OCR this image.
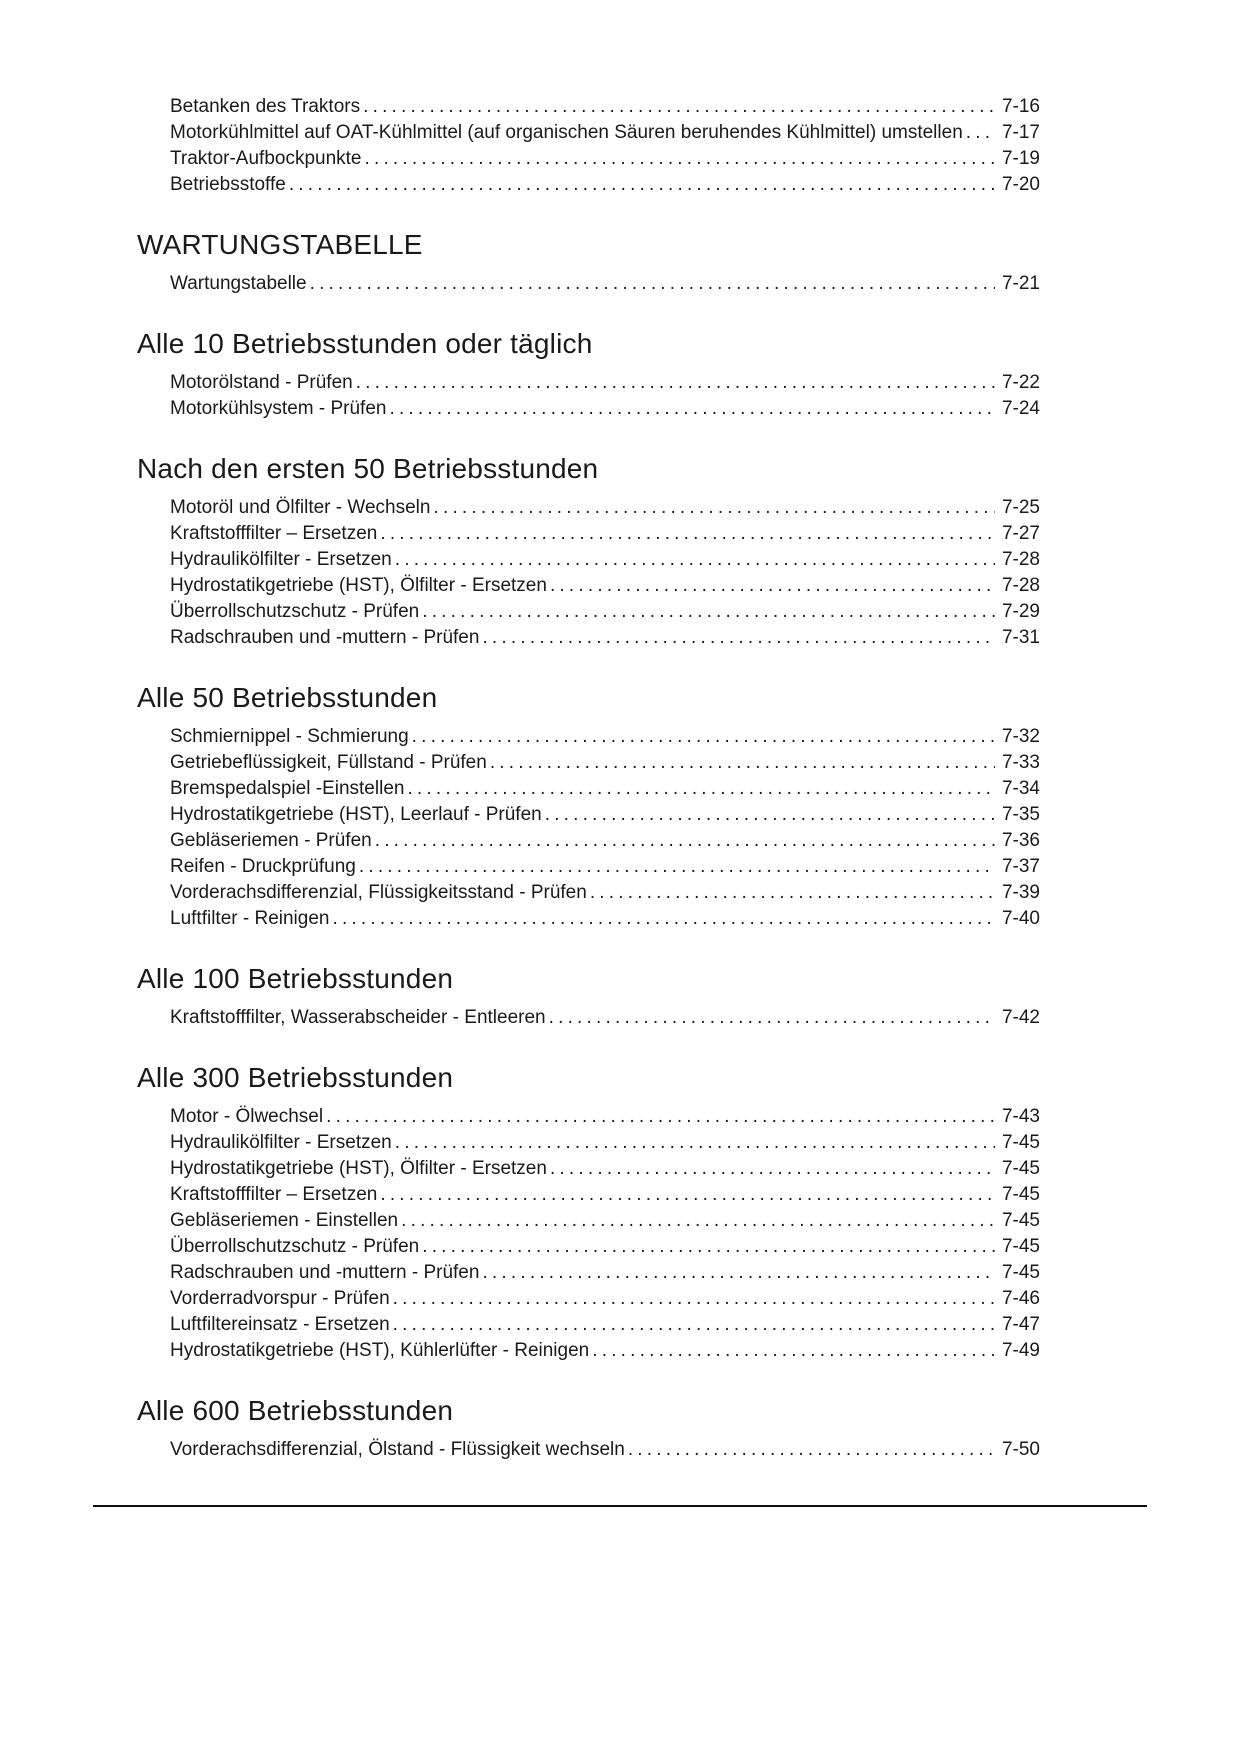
Betanken des Traktors .....	7-16
Motorkühlmittel auf OAT-Kühlmittel (auf organischen Säuren beruhendes Kühlmittel) umstellen ..... 7-17
Traktor-Aufbockpunkte .....	7-19
Betriebsstoffe .....	7-20
WARTUNGSTABELLE
Wartungstabelle .....	7-21
Alle 10 Betriebsstunden oder täglich
Motorölstand - Prüfen .....	7-22
Motorkühlsystem - Prüfen .....	7-24
Nach den ersten 50 Betriebsstunden
Motoröl und Ölfilter - Wechseln .....	7-25
Kraftstofffilter – Ersetzen .....	7-27
Hydraulikölfilter - Ersetzen .....	7-28
Hydrostatikgetriebe (HST), Ölfilter - Ersetzen .....	7-28
Überrollschutzschutz - Prüfen .....	7-29
Radschrauben und -muttern - Prüfen .....	7-31
Alle 50 Betriebsstunden
Schmiernippel - Schmierung .....	7-32
Getriebeflüssigkeit, Füllstand - Prüfen .....	7-33
Bremspedalspiel -Einstellen .....	7-34
Hydrostatikgetriebe (HST), Leerlauf - Prüfen .....	7-35
Gebläseriemen - Prüfen .....	7-36
Reifen - Druckprüfung .....	7-37
Vorderachsdifferenzial, Flüssigkeitsstand - Prüfen .....	7-39
Luftfilter - Reinigen .....	7-40
Alle 100 Betriebsstunden
Kraftstofffilter, Wasserabscheider - Entleeren .....	7-42
Alle 300 Betriebsstunden
Motor - Ölwechsel .....	7-43
Hydraulikölfilter - Ersetzen .....	7-45
Hydrostatikgetriebe (HST), Ölfilter - Ersetzen .....	7-45
Kraftstofffilter – Ersetzen .....	7-45
Gebläseriemen - Einstellen .....	7-45
Überrollschutzschutz - Prüfen .....	7-45
Radschrauben und -muttern - Prüfen .....	7-45
Vorderradvorspur - Prüfen .....	7-46
Luftfiltereinsatz - Ersetzen .....	7-47
Hydrostatikgetriebe (HST), Kühlerlüfter - Reinigen .....	7-49
Alle 600 Betriebsstunden
Vorderachsdifferenzial, Ölstand - Flüssigkeit wechseln .....	7-50
